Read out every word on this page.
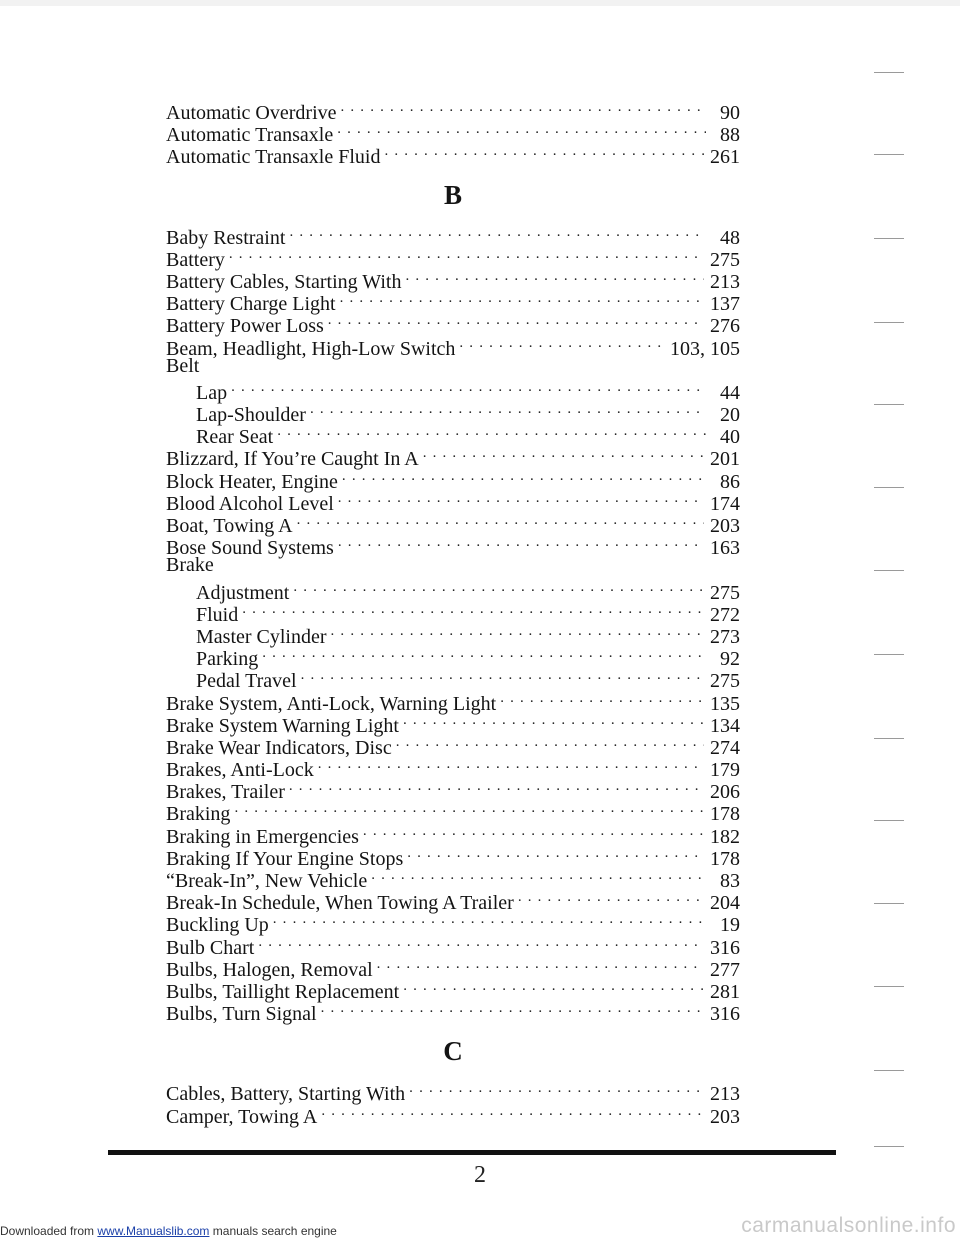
Automatic Overdrive . . .	90
Automatic Transaxle . . .	88
Automatic Transaxle Fluid . . .	261
B
Baby Restraint . . .	48
Battery . . .	275
Battery Cables, Starting With . . .	213
Battery Charge Light . . .	137
Battery Power Loss . . .	276
Beam, Headlight, High-Low Switch . . .	103, 105
Belt
Lap . . .	44
Lap-Shoulder . . .	20
Rear Seat . . .	40
Blizzard, If You’re Caught In A . . .	201
Block Heater, Engine . . .	86
Blood Alcohol Level . . .	174
Boat, Towing A . . .	203
Bose Sound Systems . . .	163
Brake
Adjustment . . .	275
Fluid . . .	272
Master Cylinder . . .	273
Parking . . .	92
Pedal Travel . . .	275
Brake System, Anti-Lock, Warning Light . . .	135
Brake System Warning Light . . .	134
Brake Wear Indicators, Disc . . .	274
Brakes, Anti-Lock . . .	179
Brakes, Trailer . . .	206
Braking . . .	178
Braking in Emergencies . . .	182
Braking If Your Engine Stops . . .	178
“Break-In”, New Vehicle . . .	83
Break-In Schedule, When Towing A Trailer . . .	204
Buckling Up . . .	19
Bulb Chart . . .	316
Bulbs, Halogen, Removal . . .	277
Bulbs, Taillight Replacement . . .	281
Bulbs, Turn Signal . . .	316
C
Cables, Battery, Starting With . . .	213
Camper, Towing A . . .	203
2
Downloaded from www.Manualslib.com manuals search engine	carmanualsonline.info
